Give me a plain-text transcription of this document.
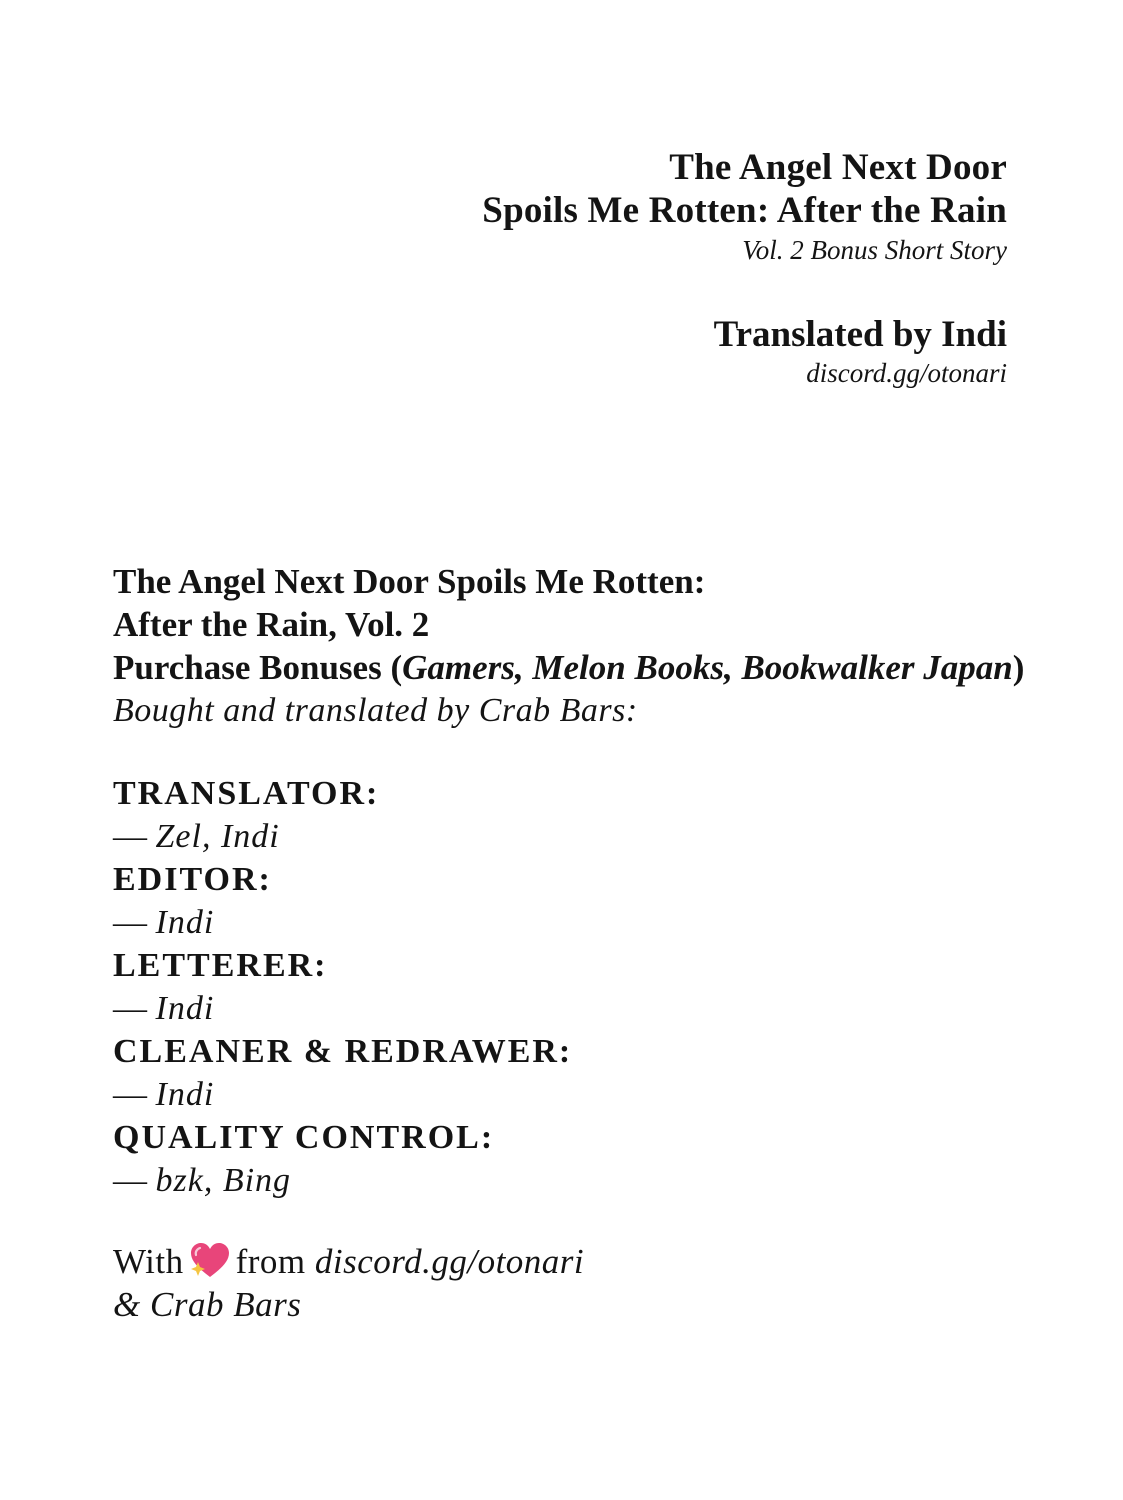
The Angel Next Door
Spoils Me Rotten: After the Rain
Vol. 2 Bonus Short Story
Translated by Indi
discord.gg/otonari
The Angel Next Door Spoils Me Rotten:
After the Rain, Vol. 2
Purchase Bonuses (Gamers, Melon Books, Bookwalker Japan)
Bought and translated by Crab Bars:
TRANSLATOR:
— Zel, Indi
EDITOR:
— Indi
LETTERER:
— Indi
CLEANER & REDRAWER:
— Indi
QUALITY CONTROL:
— bzk, Bing
With from discord.gg/otonari
& Crab Bars
